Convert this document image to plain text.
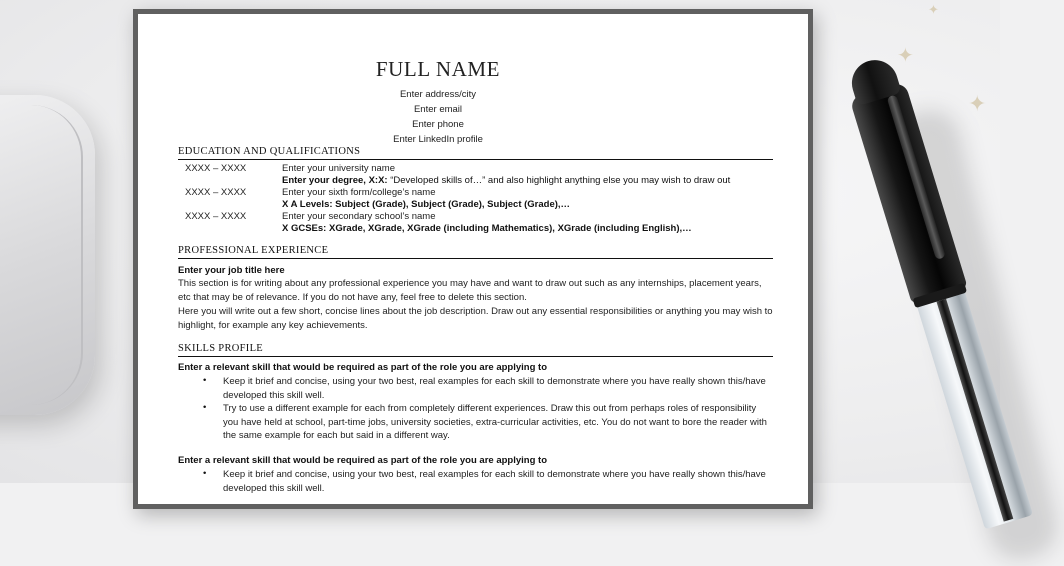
✦
✦
✦
FULL NAME
Enter address/city
Enter email
Enter phone
Enter LinkedIn profile
EDUCATION AND QUALIFICATIONS
XXXX – XXXX	Enter your university name
Enter your degree, X:X: “Developed skills of…” and also highlight anything else you may wish to draw out
XXXX – XXXX	Enter your sixth form/college’s name
X A Levels: Subject (Grade), Subject (Grade), Subject (Grade),…
XXXX – XXXX	Enter your secondary school’s name
X GCSEs: XGrade, XGrade, XGrade (including Mathematics), XGrade (including English),…
PROFESSIONAL EXPERIENCE
Enter your job title here
This section is for writing about any professional experience you may have and want to draw out such as any internships, placement years, etc that may be of relevance. If you do not have any, feel free to delete this section.
Here you will write out a few short, concise lines about the job description. Draw out any essential responsibilities or anything you may wish to highlight, for example any key achievements.
SKILLS PROFILE
Enter a relevant skill that would be required as part of the role you are applying to
• Keep it brief and concise, using your two best, real examples for each skill to demonstrate where you have really shown this/have developed this skill well.
• Try to use a different example for each from completely different experiences. Draw this out from perhaps roles of responsibility you have held at school, part-time jobs, university societies, extra-curricular activities, etc. You do not want to bore the reader with the same example for each but said in a different way.
Enter a relevant skill that would be required as part of the role you are applying to
• Keep it brief and concise, using your two best, real examples for each skill to demonstrate where you have really shown this/have developed this skill well.
